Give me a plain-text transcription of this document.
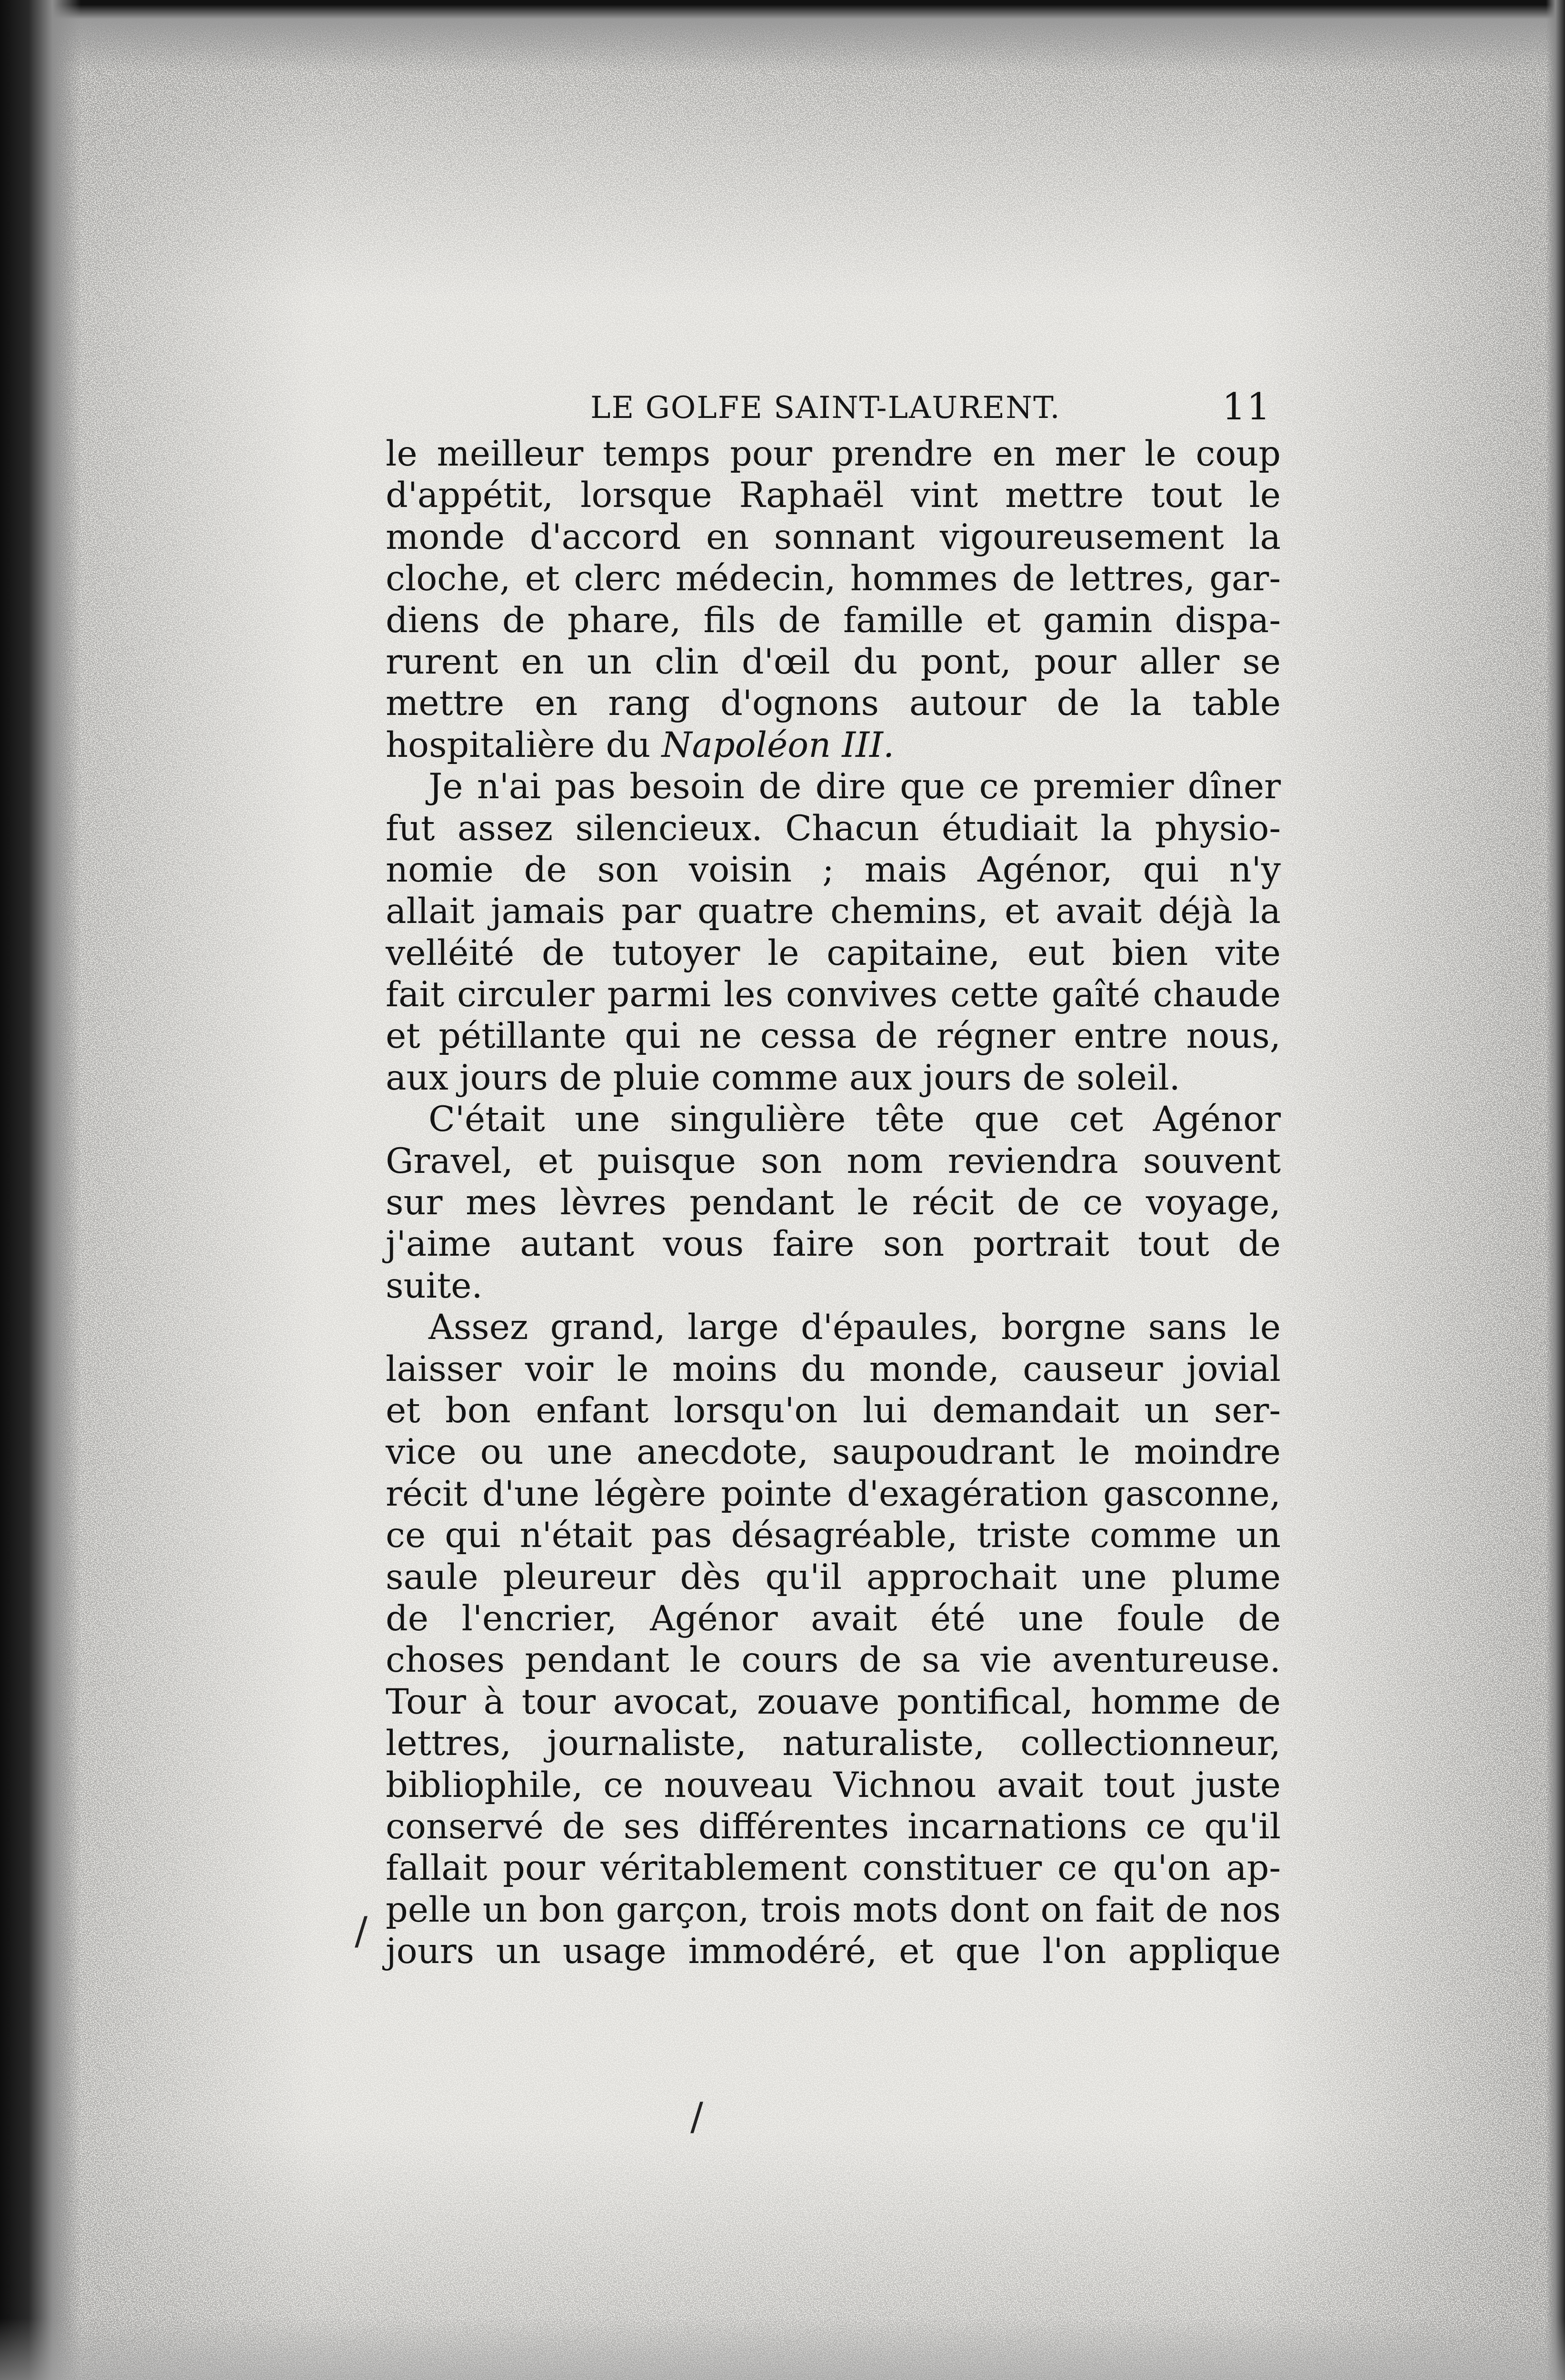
LE GOLFE SAINT-LAURENT.	11
le meilleur temps pour prendre en mer le coup
d'appétit, lorsque Raphaël vint mettre tout le
monde d'accord en sonnant vigoureusement la
cloche, et clerc médecin, hommes de lettres, gar-
diens de phare, fils de famille et gamin dispa-
rurent en un clin d'œil du pont, pour aller se
mettre en rang d'ognons autour de la table
hospitalière du Napoléon III.
Je n'ai pas besoin de dire que ce premier dîner
fut assez silencieux. Chacun étudiait la physio-
nomie de son voisin ; mais Agénor, qui n'y
allait jamais par quatre chemins, et avait déjà la
velléité de tutoyer le capitaine, eut bien vite
fait circuler parmi les convives cette gaîté chaude
et pétillante qui ne cessa de régner entre nous,
aux jours de pluie comme aux jours de soleil.
C'était une singulière tête que cet Agénor
Gravel, et puisque son nom reviendra souvent
sur mes lèvres pendant le récit de ce voyage,
j'aime autant vous faire son portrait tout de
suite.
Assez grand, large d'épaules, borgne sans le
laisser voir le moins du monde, causeur jovial
et bon enfant lorsqu'on lui demandait un ser-
vice ou une anecdote, saupoudrant le moindre
récit d'une légère pointe d'exagération gasconne,
ce qui n'était pas désagréable, triste comme un
saule pleureur dès qu'il approchait une plume
de l'encrier, Agénor avait été une foule de
choses pendant le cours de sa vie aventureuse.
Tour à tour avocat, zouave pontifical, homme de
lettres, journaliste, naturaliste, collectionneur,
bibliophile, ce nouveau Vichnou avait tout juste
conservé de ses différentes incarnations ce qu'il
fallait pour véritablement constituer ce qu'on ap-
pelle un bon garçon, trois mots dont on fait de nos
jours un usage immodéré, et que l'on applique
/
/
